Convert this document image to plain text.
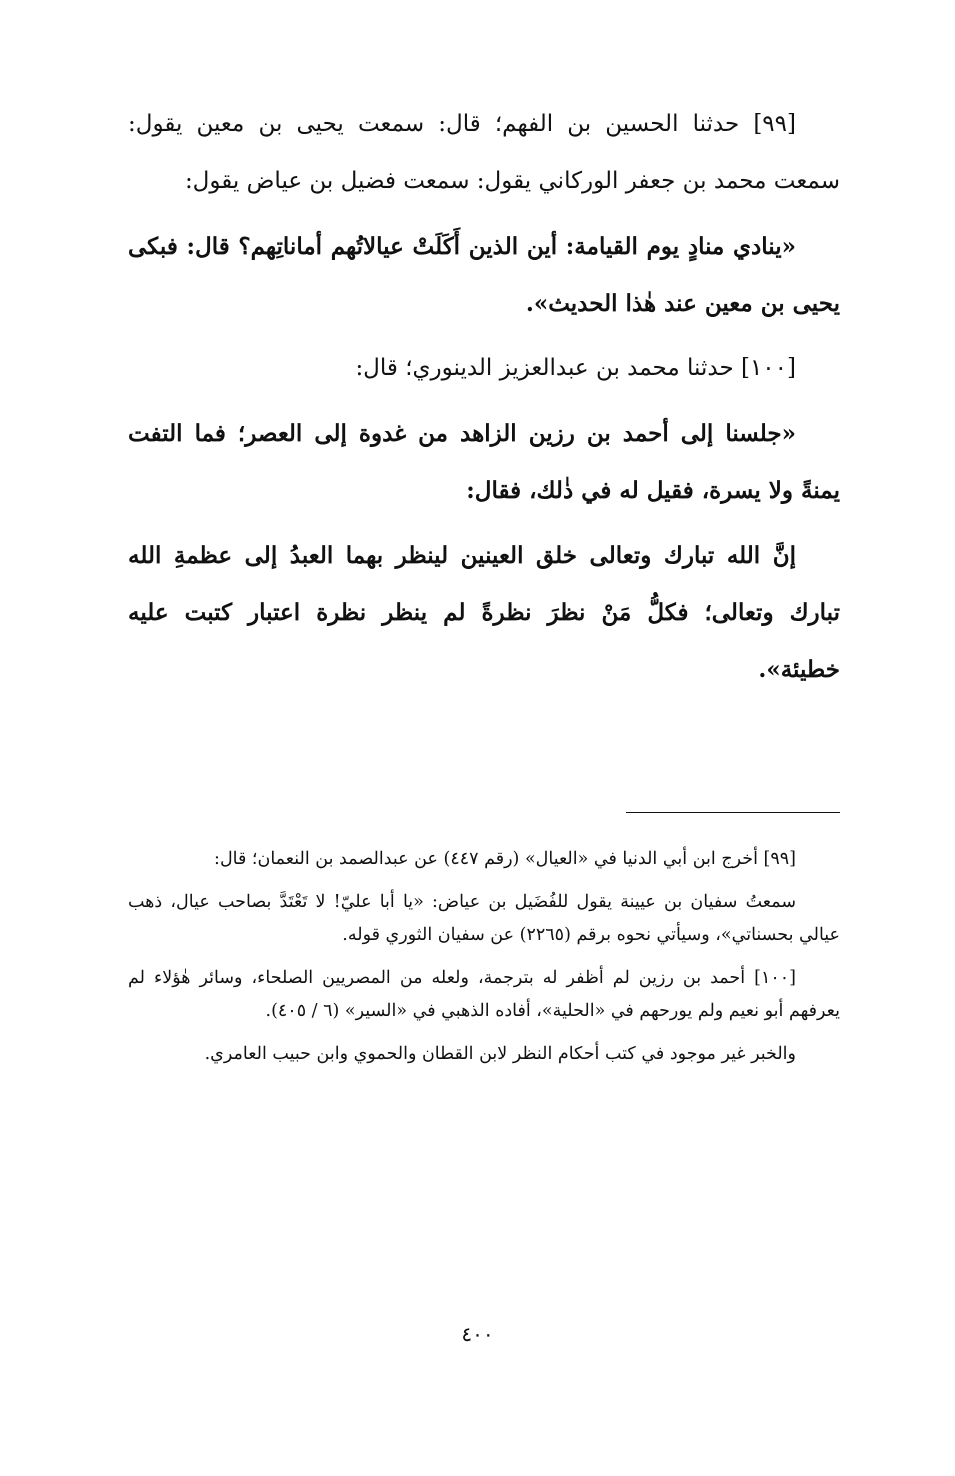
[٩٩] حدثنا الحسين بن الفهم؛ قال: سمعت يحيى بن معين يقول: سمعت محمد بن جعفر الوركاني يقول: سمعت فضيل بن عياض يقول:

«ينادي منادٍ يوم القيامة: أين الذين أَكَلَتْ عيالاتُهم أماناتِهم؟ قال: فبكى يحيى بن معين عند هٰذا الحديث».

[١٠٠] حدثنا محمد بن عبدالعزيز الدينوري؛ قال:

«جلسنا إلى أحمد بن رزين الزاهد من غدوة إلى العصر؛ فما التفت يمنةً ولا يسرة، فقيل له في ذٰلك، فقال:

إنَّ الله تبارك وتعالى خلق العينين لينظر بهما العبدُ إلى عظمةِ الله تبارك وتعالى؛ فكلُّ مَنْ نظرَ نظرةً لم ينظر نظرة اعتبار كتبت عليه خطيئة».

[٩٩] أخرج ابن أبي الدنيا في «العيال» (رقم ٤٤٧) عن عبدالصمد بن النعمان؛ قال:

سمعتُ سفيان بن عيينة يقول للفُضَيل بن عياض: «يا أبا عليّ! لا تَعْتَدَّ بصاحب عيال، ذهب عيالي بحسناتي»، وسيأتي نحوه برقم (٢٢٦٥) عن سفيان الثوري قوله.

[١٠٠] أحمد بن رزين لم أظفر له بترجمة، ولعله من المصريين الصلحاء، وسائر هٰؤلاء لم يعرفهم أبو نعيم ولم يورحهم في «الحلية»، أفاده الذهبي في «السير» (٦ / ٤٠٥).

والخبر غير موجود في كتب أحكام النظر لابن القطان والحموي وابن حبيب العامري.

٤٠٠
